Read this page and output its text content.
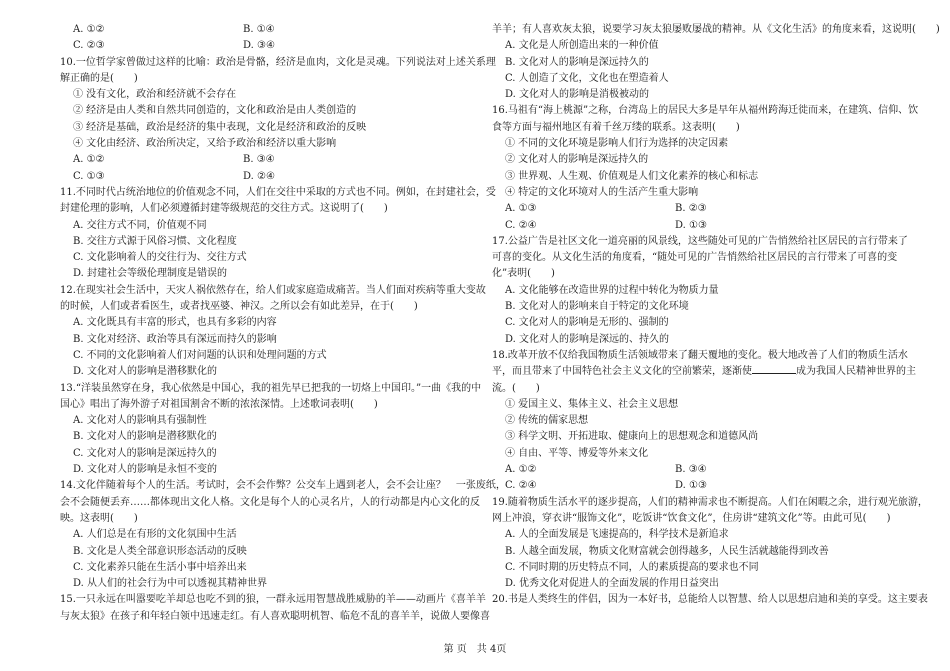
A. ①②	B. ①④
C. ②③	D. ③④
10.一位哲学家曾做过这样的比喻：政治是骨骼，经济是血肉，文化是灵魂。下列说法对上述关系理
解正确的是(　　)
① 没有文化，政治和经济就不会存在
② 经济是由人类和自然共同创造的，文化和政治是由人类创造的
③ 经济是基础，政治是经济的集中表现，文化是经济和政治的反映
④ 文化由经济、政治所决定，又给予政治和经济以重大影响
A. ①②	B. ③④
C. ①③	D. ②④
11.不同时代占统治地位的价值观念不同，人们在交往中采取的方式也不同。例如，在封建社会，受
封建伦理的影响，人们必须遵循封建等级规范的交往方式。这说明了(　　)
A. 交往方式不同，价值观不同
B. 交往方式源于风俗习惯、文化程度
C. 文化影响着人的交往行为、交往方式
D. 封建社会等级伦理制度是错误的
12.在现实社会生活中，天灾人祸依然存在，给人们或家庭造成痛苦。当人们面对疾病等重大变故
的时候，人们或者看医生，或者找巫婆、神汉。之所以会有如此差异，在于(　　)
A. 文化既具有丰富的形式，也具有多彩的内容
B. 文化对经济、政治等具有深远而持久的影响
C. 不同的文化影响着人们对问题的认识和处理问题的方式
D. 文化对人的影响是潜移默化的
13.“洋装虽然穿在身，我心依然是中国心，我的祖先早已把我的一切烙上中国印。”一曲《我的中
国心》唱出了海外游子对祖国割舍不断的浓浓深情。上述歌词表明(　　)
A. 文化对人的影响具有强制性
B. 文化对人的影响是潜移默化的
C. 文化对人的影响是深远持久的
D. 文化对人的影响是永恒不变的
14.文化伴随着每个人的生活。考试时，会不会作弊？公交车上遇到老人，会不会让座？　一张废纸，
会不会随便丢弃……都体现出文化人格。文化是每个人的心灵名片，人的行动都是内心文化的反
映。这表明(　　)
A. 人们总是在有形的文化氛围中生活
B. 文化是人类全部意识形态活动的反映
C. 文化素养只能在生活小事中培养出来
D. 从人们的社会行为中可以透视其精神世界
15.一只永远在叫嚣要吃羊却总也吃不到的狼，一群永远用智慧战胜威胁的羊——动画片《喜羊羊
与灰太狼》在孩子和年轻白领中迅速走红。有人喜欢聪明机智、临危不乱的喜羊羊，说做人要像喜
羊羊；有人喜欢灰太狼，说要学习灰太狼屡败屡战的精神。从《文化生活》的角度来看，这说明(　　)
A. 文化是人所创造出来的一种价值
B. 文化对人的影响是深远持久的
C. 人创造了文化，文化也在塑造着人
D. 文化对人的影响是消极被动的
16.马祖有“海上桃源”之称，台湾岛上的居民大多是早年从福州跨海迁徙而来，在建筑、信仰、饮
食等方面与福州地区有着千丝万缕的联系。这表明(　　)
① 不同的文化环境是影响人们行为选择的决定因素
② 文化对人的影响是深远持久的
③ 世界观、人生观、价值观是人们文化素养的核心和标志
④ 特定的文化环境对人的生活产生重大影响
A. ①③	B. ②③
C. ②④	D. ①③
17.公益广告是社区文化一道亮丽的风景线，这些随处可见的广告悄然给社区居民的言行带来了
可喜的变化。从文化生活的角度看，“随处可见的广告悄然给社区居民的言行带来了可喜的变
化”表明(　　)
A. 文化能够在改造世界的过程中转化为物质力量
B. 文化对人的影响来自于特定的文化环境
C. 文化对人的影响是无形的、强制的
D. 文化对人的影响是深远的、持久的
18.改革开放不仅给我国物质生活领域带来了翻天覆地的变化。极大地改善了人们的物质生活水
平，而且带来了中国特色社会主义文化的空前繁荣，逐渐使	成为我国人民精神世界的主
流。(　　)
① 爱国主义、集体主义、社会主义思想
② 传统的儒家思想
③ 科学文明、开拓进取、健康向上的思想观念和道德风尚
④ 自由、平等、博爱等外来文化
A. ①②	B. ③④
C. ②④	D. ①③
19.随着物质生活水平的逐步提高，人们的精神需求也不断提高。人们在闲暇之余，进行观光旅游，
网上冲浪，穿衣讲“服饰文化”，吃饭讲“饮食文化”，住房讲“建筑文化”等。由此可见(　　)
A. 人的全面发展是飞速提高的，科学技术是新追求
B. 人越全面发展，物质文化财富就会创得越多，人民生活就越能得到改善
C. 不同时期的历史特点不同，人的素质提高的要求也不同
D. 优秀文化对促进人的全面发展的作用日益突出
20.书是人类终生的伴侣，因为一本好书，总能给人以智慧、给人以思想启迪和美的享受。这主要表
第 页　共 4页
